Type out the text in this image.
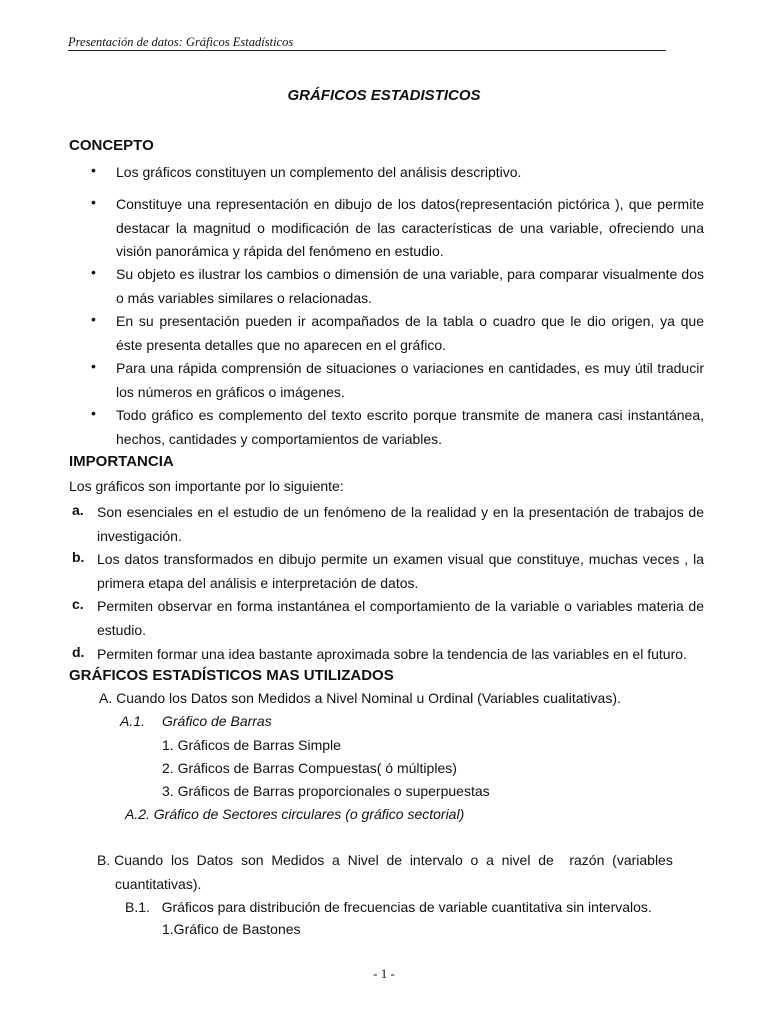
Presentación de datos: Gráficos Estadísticos
GRÁFICOS ESTADISTICOS
CONCEPTO
• Los gráficos constituyen un complemento del análisis descriptivo.
• Constituye una representación en dibujo de los datos(representación pictórica ), que permite destacar la magnitud o modificación de las características de una variable, ofreciendo una visión panorámica y rápida del fenómeno en estudio.
• Su objeto es ilustrar los cambios o dimensión de una variable, para comparar visualmente dos o más variables similares o relacionadas.
• En su presentación pueden ir acompañados de la tabla o cuadro que le dio origen, ya que éste presenta detalles que no aparecen en el gráfico.
• Para una rápida comprensión de situaciones o variaciones en cantidades, es muy útil traducir los números en gráficos o imágenes.
• Todo gráfico es complemento del texto escrito porque transmite de manera casi instantánea, hechos, cantidades y comportamientos de variables.
IMPORTANCIA
Los gráficos son importante por lo siguiente:
a. Son esenciales en el estudio de un fenómeno de la realidad y en la presentación de trabajos de investigación.
b. Los datos transformados en dibujo permite un examen visual que constituye, muchas veces , la primera etapa del análisis e interpretación de datos.
c. Permiten observar en forma instantánea el comportamiento de la variable o variables materia de estudio.
d. Permiten formar una idea bastante aproximada sobre la tendencia de las variables en el futuro.
GRÁFICOS ESTADÍSTICOS MAS UTILIZADOS
A. Cuando los Datos son Medidos a Nivel Nominal u Ordinal (Variables cualitativas).
A.1. Gráfico de Barras
1. Gráficos de Barras Simple
2. Gráficos de Barras Compuestas( ó múltiples)
3. Gráficos de Barras proporcionales o superpuestas
A.2. Gráfico de Sectores circulares (o gráfico sectorial)
B. Cuando  los  Datos  son  Medidos  a  Nivel  de  intervalo  o  a  nivel  de    razón  (variables
cuantitativas).
B.1.   Gráficos para distribución de frecuencias de variable cuantitativa sin intervalos.
1.Gráfico de Bastones
- 1 -
